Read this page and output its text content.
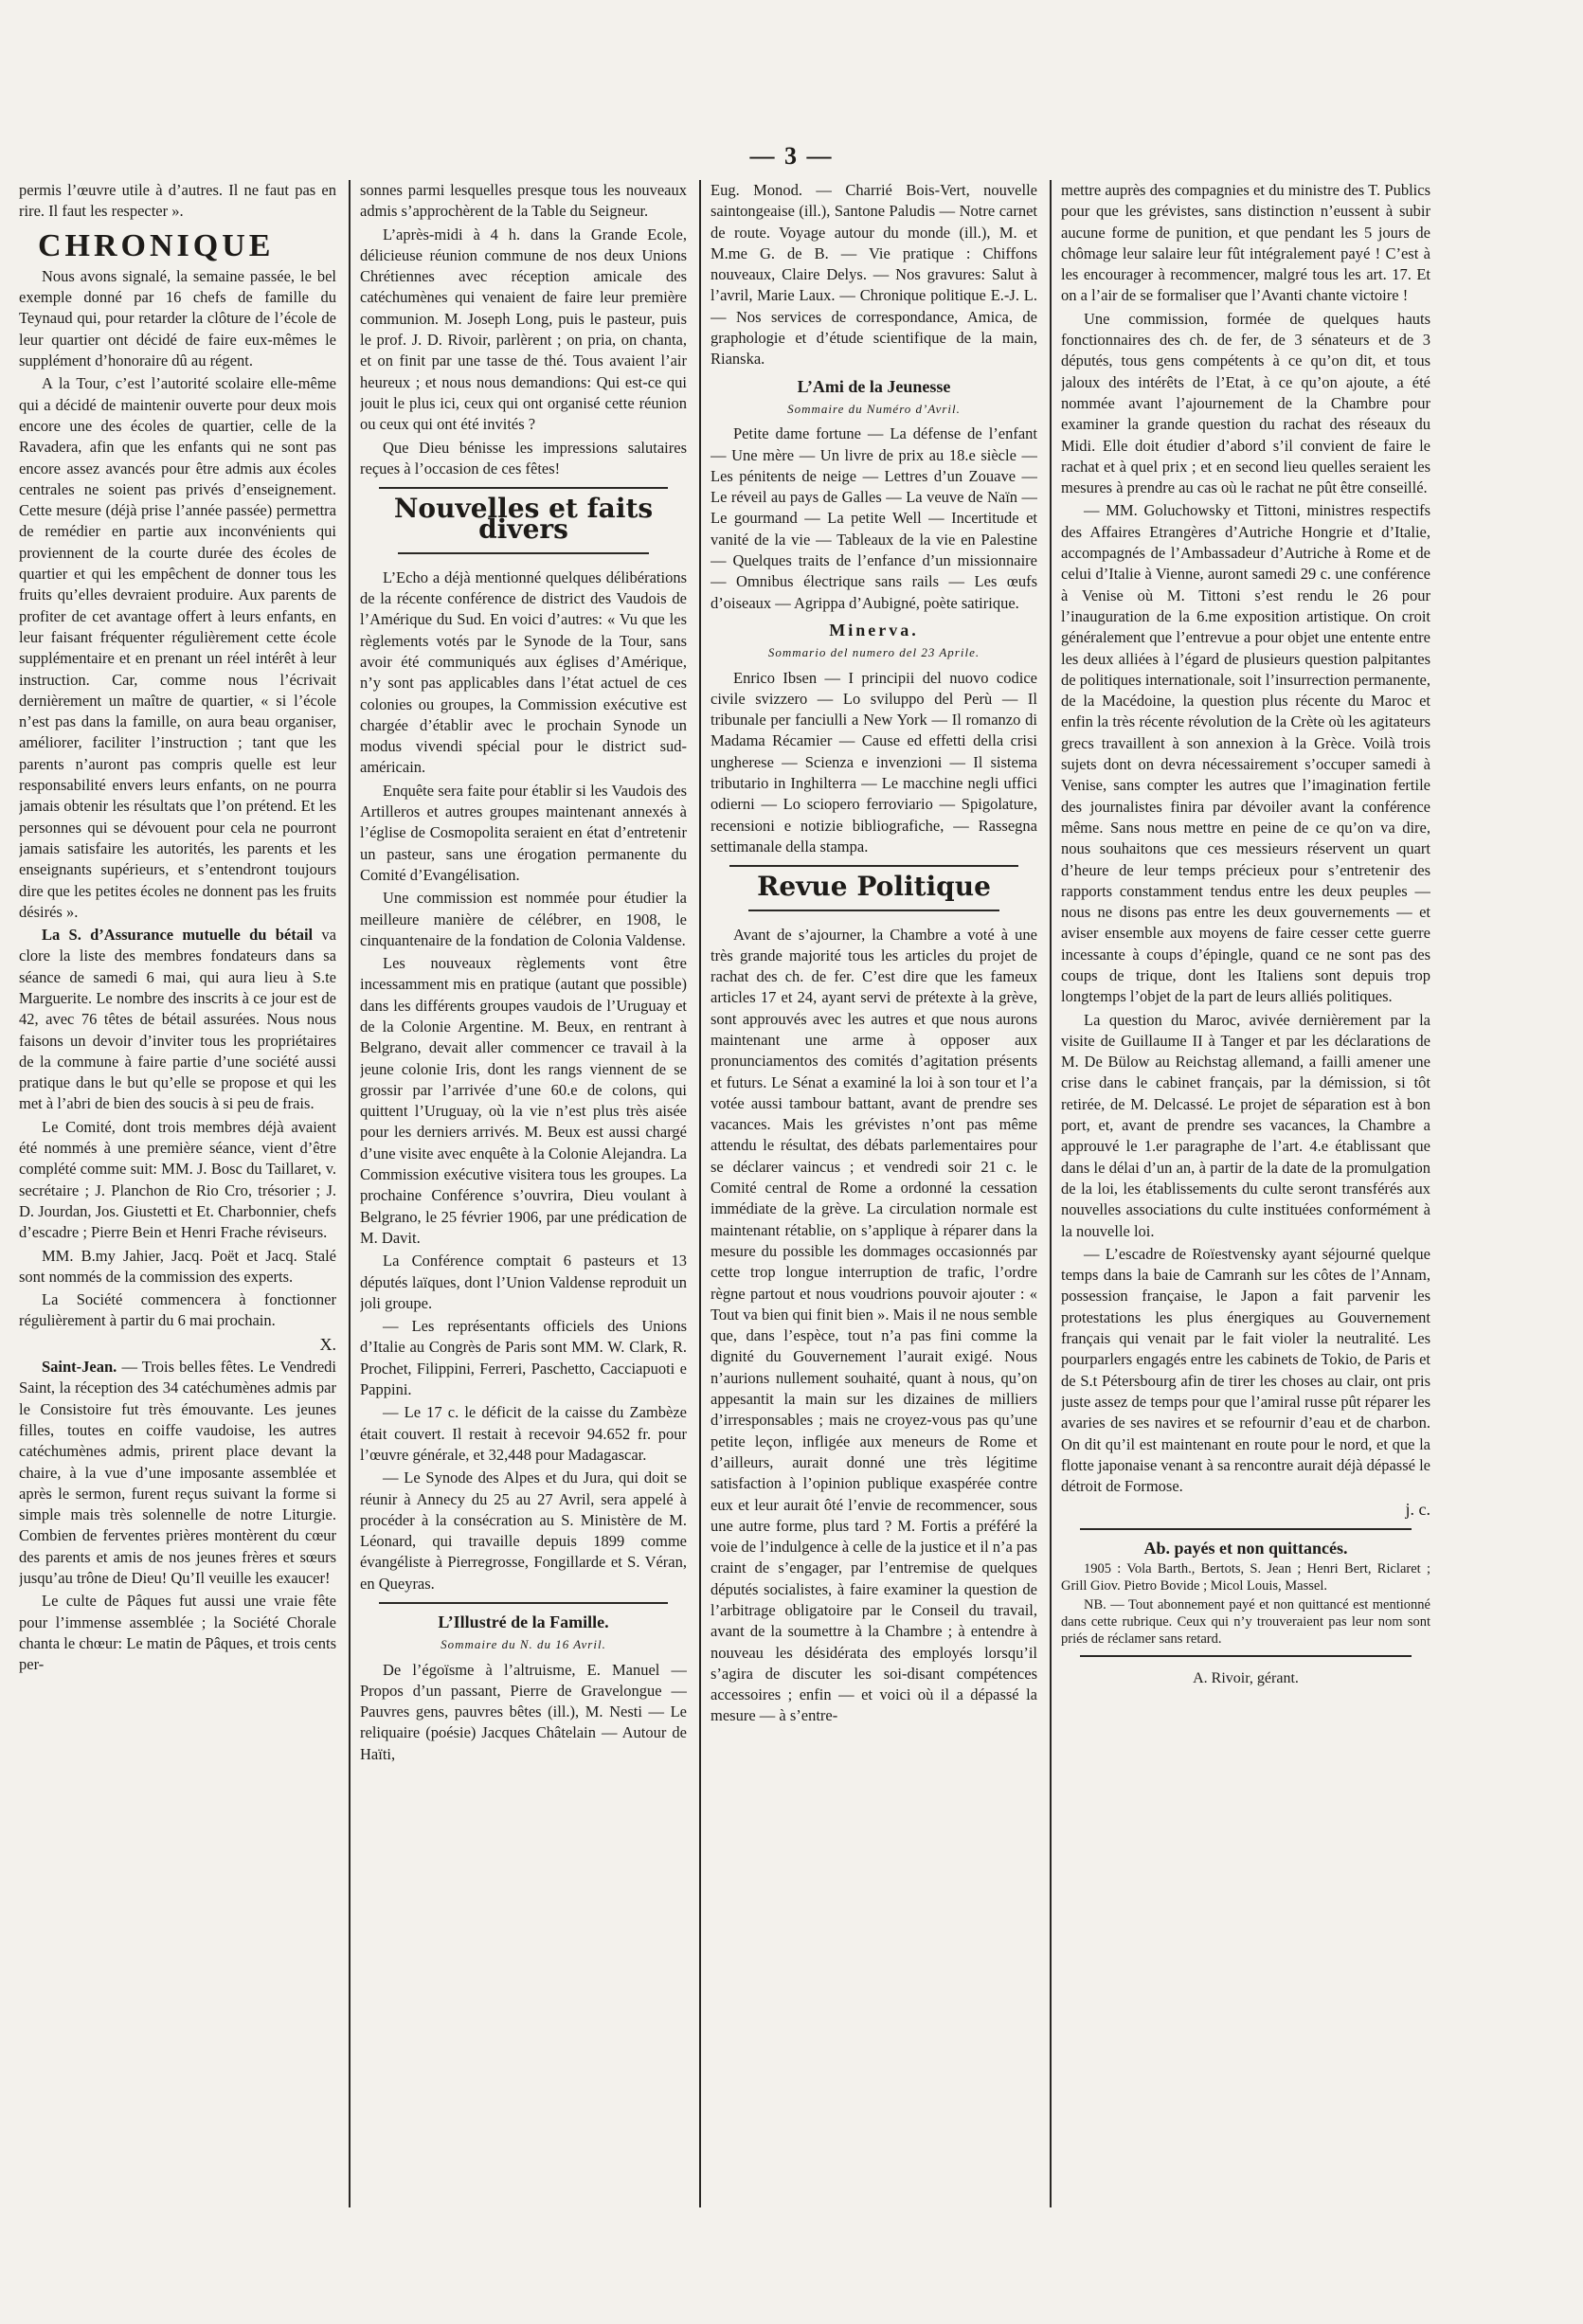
— 3 —

permis l’œuvre utile à d’autres. Il ne faut pas en rire. Il faut les respecter ».

CHRONIQUE

Nous avons signalé, la semaine passée, le bel exemple donné par 16 chefs de famille du Teynaud qui, pour retarder la clôture de l’école de leur quartier ont décidé de faire eux-mêmes le supplément d’honoraire dû au régent.

A la Tour, c’est l’autorité scolaire elle-même qui a décidé de maintenir ouverte pour deux mois encore une des écoles de quartier, celle de la Ravadera, afin que les enfants qui ne sont pas encore assez avancés pour être admis aux écoles centrales ne soient pas privés d’enseignement. Cette mesure (déjà prise l’année passée) permettra de remédier en partie aux inconvénients qui proviennent de la courte durée des écoles de quartier et qui les empêchent de donner tous les fruits qu’elles devraient produire. Aux parents de profiter de cet avantage offert à leurs enfants, en leur faisant fréquenter régulièrement cette école supplémentaire et en prenant un réel intérêt à leur instruction. Car, comme nous l’écrivait dernièrement un maître de quartier, « si l’école n’est pas dans la famille, on aura beau organiser, améliorer, faciliter l’instruction ; tant que les parents n’auront pas compris quelle est leur responsabilité envers leurs enfants, on ne pourra jamais obtenir les résultats que l’on prétend. Et les personnes qui se dévouent pour cela ne pourront jamais satisfaire les autorités, les parents et les enseignants supérieurs, et s’entendront toujours dire que les petites écoles ne donnent pas les fruits désirés ».

La S. d’Assurance mutuelle du bétail va clore la liste des membres fondateurs dans sa séance de samedi 6 mai, qui aura lieu à S.te Marguerite. Le nombre des inscrits à ce jour est de 42, avec 76 têtes de bétail assurées. Nous nous faisons un devoir d’inviter tous les propriétaires de la commune à faire partie d’une société aussi pratique dans le but qu’elle se propose et qui les met à l’abri de bien des soucis à si peu de frais.

Le Comité, dont trois membres déjà avaient été nommés à une première séance, vient d’être complété comme suit: MM. J. Bosc du Taillaret, v. secrétaire ; J. Planchon de Rio Cro, trésorier ; J. D. Jourdan, Jos. Giustetti et Et. Charbonnier, chefs d’escadre ; Pierre Bein et Henri Frache réviseurs.

MM. B.my Jahier, Jacq. Poët et Jacq. Stalé sont nommés de la commission des experts.

La Société commencera à fonctionner régulièrement à partir du 6 mai prochain.

X.

Saint-Jean. — Trois belles fêtes. Le Vendredi Saint, la réception des 34 catéchumènes admis par le Consistoire fut très émouvante. Les jeunes filles, toutes en coiffe vaudoise, les autres catéchumènes admis, prirent place devant la chaire, à la vue d’une imposante assemblée et après le sermon, furent reçus suivant la forme si simple mais très solennelle de notre Liturgie. Combien de ferventes prières montèrent du cœur des parents et amis de nos jeunes frères et sœurs jusqu’au trône de Dieu! Qu’Il veuille les exaucer!

Le culte de Pâques fut aussi une vraie fête pour l’immense assemblée ; la Société Chorale chanta le chœur: Le matin de Pâques, et trois cents per-

sonnes parmi lesquelles presque tous les nouveaux admis s’approchèrent de la Table du Seigneur.

L’après-midi à 4 h. dans la Grande Ecole, délicieuse réunion commune de nos deux Unions Chrétiennes avec réception amicale des catéchumènes qui venaient de faire leur première communion. M. Joseph Long, puis le pasteur, puis le prof. J. D. Rivoir, parlèrent ; on pria, on chanta, et on finit par une tasse de thé. Tous avaient l’air heureux ; et nous nous demandions: Qui est-ce qui jouit le plus ici, ceux qui ont organisé cette réunion ou ceux qui ont été invités ?

Que Dieu bénisse les impressions salutaires reçues à l’occasion de ces fêtes!

Nouvelles et faits divers

L’Echo a déjà mentionné quelques délibérations de la récente conférence de district des Vaudois de l’Amérique du Sud. En voici d’autres: « Vu que les règlements votés par le Synode de la Tour, sans avoir été communiqués aux églises d’Amérique, n’y sont pas applicables dans l’état actuel de ces colonies ou groupes, la Commission exécutive est chargée d’établir avec le prochain Synode un modus vivendi spécial pour le district sud-américain.

Enquête sera faite pour établir si les Vaudois des Artilleros et autres groupes maintenant annexés à l’église de Cosmopolita seraient en état d’entretenir un pasteur, sans une érogation permanente du Comité d’Evangélisation.

Une commission est nommée pour étudier la meilleure manière de célébrer, en 1908, le cinquantenaire de la fondation de Colonia Valdense.

Les nouveaux règlements vont être incessamment mis en pratique (autant que possible) dans les différents groupes vaudois de l’Uruguay et de la Colonie Argentine. M. Beux, en rentrant à Belgrano, devait aller commencer ce travail à la jeune colonie Iris, dont les rangs viennent de se grossir par l’arrivée d’une 60.e de colons, qui quittent l’Uruguay, où la vie n’est plus très aisée pour les derniers arrivés. M. Beux est aussi chargé d’une visite avec enquête à la Colonie Alejandra. La Commission exécutive visitera tous les groupes. La prochaine Conférence s’ouvrira, Dieu voulant à Belgrano, le 25 février 1906, par une prédication de M. Davit.

La Conférence comptait 6 pasteurs et 13 députés laïques, dont l’Union Valdense reproduit un joli groupe.

— Les représentants officiels des Unions d’Italie au Congrès de Paris sont MM. W. Clark, R. Prochet, Filippini, Ferreri, Paschetto, Cacciapuoti e Pappini.

— Le 17 c. le déficit de la caisse du Zambèze était couvert. Il restait à recevoir 94.652 fr. pour l’œuvre générale, et 32,448 pour Madagascar.

— Le Synode des Alpes et du Jura, qui doit se réunir à Annecy du 25 au 27 Avril, sera appelé à procéder à la consécration au S. Ministère de M. Léonard, qui travaille depuis 1899 comme évangéliste à Pierregrosse, Fongillarde et S. Véran, en Queyras.

L’Illustré de la Famille.
Sommaire du N. du 16 Avril.

De l’égoïsme à l’altruisme, E. Manuel — Propos d’un passant, Pierre de Gravelongue — Pauvres gens, pauvres bêtes (ill.), M. Nesti — Le reliquaire (poésie) Jacques Châtelain — Autour de Haïti,

Eug. Monod. — Charrié Bois-Vert, nouvelle saintongeaise (ill.), Santone Paludis — Notre carnet de route. Voyage autour du monde (ill.), M. et M.me G. de B. — Vie pratique : Chiffons nouveaux, Claire Delys. — Nos gravures: Salut à l’avril, Marie Laux. — Chronique politique E.-J. L. — Nos services de correspondance, Amica, de graphologie et d’étude scientifique de la main, Rianska.

L’Ami de la Jeunesse
Sommaire du Numéro d’Avril.

Petite dame fortune — La défense de l’enfant — Une mère — Un livre de prix au 18.e siècle — Les pénitents de neige — Lettres d’un Zouave — Le réveil au pays de Galles — La veuve de Naïn — Le gourmand — La petite Well — Incertitude et vanité de la vie — Tableaux de la vie en Palestine — Quelques traits de l’enfance d’un missionnaire — Omnibus électrique sans rails — Les œufs d’oiseaux — Agrippa d’Aubigné, poète satirique.

Minerva.
Sommario del numero del 23 Aprile.

Enrico Ibsen — I principii del nuovo codice civile svizzero — Lo sviluppo del Perù — Il tribunale per fanciulli a New York — Il romanzo di Madama Récamier — Cause ed effetti della crisi ungherese — Scienza e invenzioni — Il sistema tributario in Inghilterra — Le macchine negli uffici odierni — Lo sciopero ferroviario — Spigolature, recensioni e notizie bibliografiche, — Rassegna settimanale della stampa.

Revue Politique

Avant de s’ajourner, la Chambre a voté à une très grande majorité tous les articles du projet de rachat des ch. de fer. C’est dire que les fameux articles 17 et 24, ayant servi de prétexte à la grève, sont approuvés avec les autres et que nous aurons maintenant une arme à opposer aux pronunciamentos des comités d’agitation présents et futurs. Le Sénat a examiné la loi à son tour et l’a votée aussi tambour battant, avant de prendre ses vacances. Mais les grévistes n’ont pas même attendu le résultat, des débats parlementaires pour se déclarer vaincus ; et vendredi soir 21 c. le Comité central de Rome a ordonné la cessation immédiate de la grève. La circulation normale est maintenant rétablie, on s’applique à réparer dans la mesure du possible les dommages occasionnés par cette trop longue interruption de trafic, l’ordre règne partout et nous voudrions pouvoir ajouter : « Tout va bien qui finit bien ». Mais il ne nous semble que, dans l’espèce, tout n’a pas fini comme la dignité du Gouvernement l’aurait exigé. Nous n’aurions nullement souhaité, quant à nous, qu’on appesantit la main sur les dizaines de milliers d’irresponsables ; mais ne croyez-vous pas qu’une petite leçon, infligée aux meneurs de Rome et d’ailleurs, aurait donné une très légitime satisfaction à l’opinion publique exaspérée contre eux et leur aurait ôté l’envie de recommencer, sous une autre forme, plus tard ? M. Fortis a préféré la voie de l’indulgence à celle de la justice et il n’a pas craint de s’engager, par l’entremise de quelques députés socialistes, à faire examiner la question de l’arbitrage obligatoire par le Conseil du travail, avant de la soumettre à la Chambre ; à entendre à nouveau les désidérata des employés lorsqu’il s’agira de discuter les soi-disant compétences accessoires ; enfin — et voici où il a dépassé la mesure — à s’entre-

mettre auprès des compagnies et du ministre des T. Publics pour que les grévistes, sans distinction n’eussent à subir aucune forme de punition, et que pendant les 5 jours de chômage leur salaire leur fût intégralement payé ! C’est à les encourager à recommencer, malgré tous les art. 17. Et on a l’air de se formaliser que l’Avanti chante victoire !

Une commission, formée de quelques hauts fonctionnaires des ch. de fer, de 3 sénateurs et de 3 députés, tous gens compétents à ce qu’on dit, et tous jaloux des intérêts de l’Etat, à ce qu’on ajoute, a été nommée avant l’ajournement de la Chambre pour examiner la grande question du rachat des réseaux du Midi. Elle doit étudier d’abord s’il convient de faire le rachat et à quel prix ; et en second lieu quelles seraient les mesures à prendre au cas où le rachat ne pût être conseillé.

— MM. Goluchowsky et Tittoni, ministres respectifs des Affaires Etrangères d’Autriche Hongrie et d’Italie, accompagnés de l’Ambassadeur d’Autriche à Rome et de celui d’Italie à Vienne, auront samedi 29 c. une conférence à Venise où M. Tittoni s’est rendu le 26 pour l’inauguration de la 6.me exposition artistique. On croit généralement que l’entrevue a pour objet une entente entre les deux alliées à l’égard de plusieurs question palpitantes de politiques internationale, soit l’insurrection permanente, de la Macédoine, la question plus récente du Maroc et enfin la très récente révolution de la Crète où les agitateurs grecs travaillent à son annexion à la Grèce. Voilà trois sujets dont on devra nécessairement s’occuper samedi à Venise, sans compter les autres que l’imagination fertile des journalistes finira par dévoiler avant la conférence même. Sans nous mettre en peine de ce qu’on va dire, nous souhaitons que ces messieurs réservent un quart d’heure de leur temps précieux pour s’entretenir des rapports constamment tendus entre les deux peuples — nous ne disons pas entre les deux gouvernements — et aviser ensemble aux moyens de faire cesser cette guerre incessante à coups d’épingle, quand ce ne sont pas des coups de trique, dont les Italiens sont depuis trop longtemps l’objet de la part de leurs alliés politiques.

La question du Maroc, avivée dernièrement par la visite de Guillaume II à Tanger et par les déclarations de M. De Bülow au Reichstag allemand, a failli amener une crise dans le cabinet français, par la démission, si tôt retirée, de M. Delcassé. Le projet de séparation est à bon port, et, avant de prendre ses vacances, la Chambre a approuvé le 1.er paragraphe de l’art. 4.e établissant que dans le délai d’un an, à partir de la date de la promulgation de la loi, les établissements du culte seront transférés aux nouvelles associations du culte instituées conformément à la nouvelle loi.

— L’escadre de Roïestvensky ayant séjourné quelque temps dans la baie de Camranh sur les côtes de l’Annam, possession française, le Japon a fait parvenir les protestations les plus énergiques au Gouvernement français qui venait par le fait violer la neutralité. Les pourparlers engagés entre les cabinets de Tokio, de Paris et de S.t Pétersbourg afin de tirer les choses au clair, ont pris juste assez de temps pour que l’amiral russe pût réparer les avaries de ses navires et se refournir d’eau et de charbon. On dit qu’il est maintenant en route pour le nord, et que la flotte japonaise venant à sa rencontre aurait déjà dépassé le détroit de Formose.

j. c.

Ab. payés et non quittancés.

1905 : Vola Barth., Bertots, S. Jean ; Henri Bert, Riclaret ; Grill Giov. Pietro Bovide ; Micol Louis, Massel.

NB. — Tout abonnement payé et non quittancé est mentionné dans cette rubrique. Ceux qui n’y trouveraient pas leur nom sont priés de réclamer sans retard.

A. Rivoir, gérant.
